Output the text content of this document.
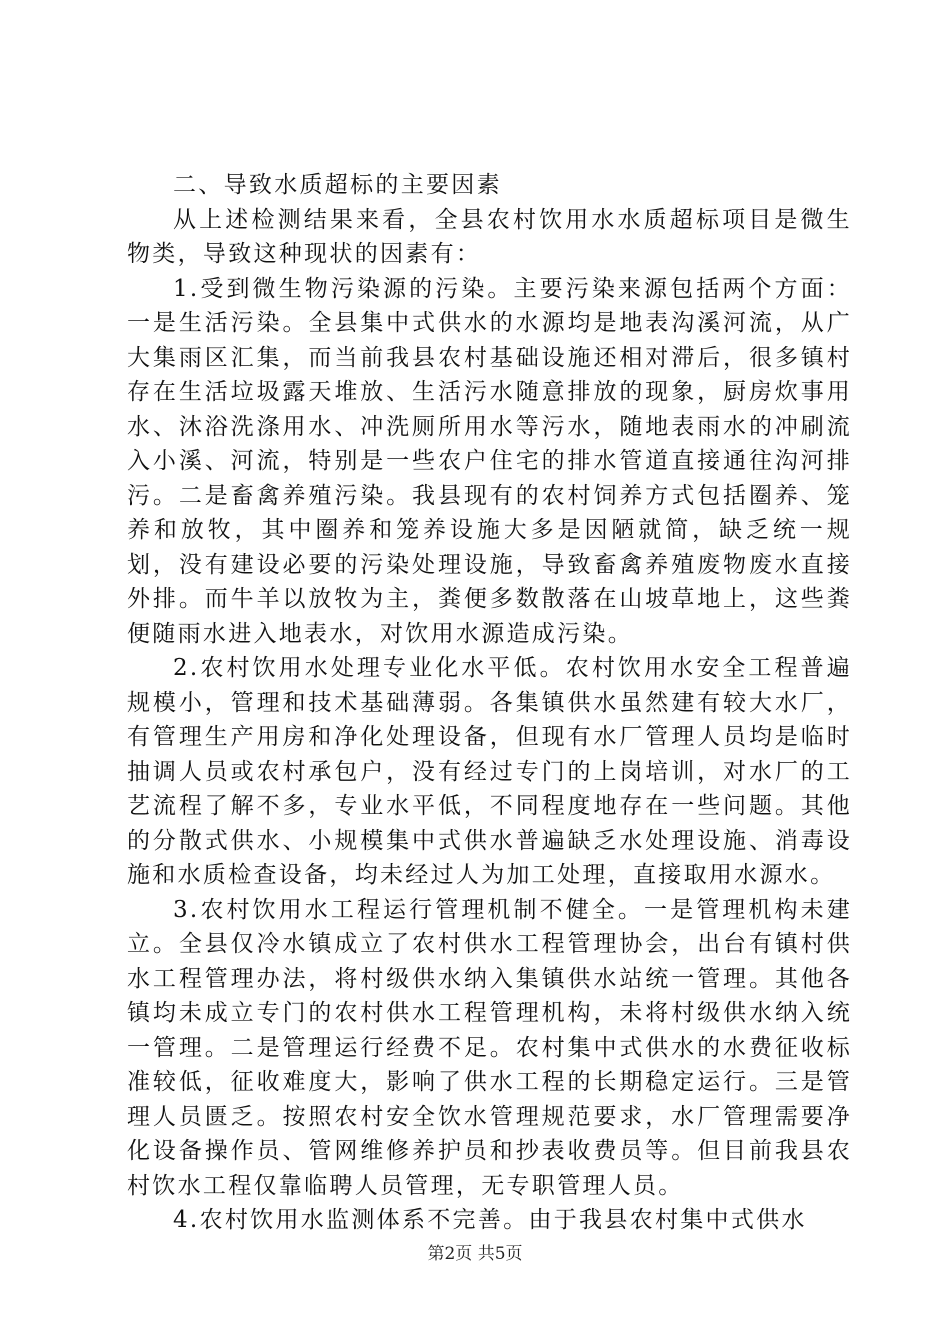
二、导致水质超标的主要因素

从上述检测结果来看，全县农村饮用水水质超标项目是微生物类，导致这种现状的因素有：

1.受到微生物污染源的污染。主要污染来源包括两个方面：一是生活污染。全县集中式供水的水源均是地表沟溪河流，从广大集雨区汇集，而当前我县农村基础设施还相对滞后，很多镇村存在生活垃圾露天堆放、生活污水随意排放的现象，厨房炊事用水、沐浴洗涤用水、冲洗厕所用水等污水，随地表雨水的冲刷流入小溪、河流，特别是一些农户住宅的排水管道直接通往沟河排污。二是畜禽养殖污染。我县现有的农村饲养方式包括圈养、笼养和放牧，其中圈养和笼养设施大多是因陋就简，缺乏统一规划，没有建设必要的污染处理设施，导致畜禽养殖废物废水直接外排。而牛羊以放牧为主，粪便多数散落在山坡草地上，这些粪便随雨水进入地表水，对饮用水源造成污染。

2.农村饮用水处理专业化水平低。农村饮用水安全工程普遍规模小，管理和技术基础薄弱。各集镇供水虽然建有较大水厂，有管理生产用房和净化处理设备，但现有水厂管理人员均是临时抽调人员或农村承包户，没有经过专门的上岗培训，对水厂的工艺流程了解不多，专业水平低，不同程度地存在一些问题。其他的分散式供水、小规模集中式供水普遍缺乏水处理设施、消毒设施和水质检查设备，均未经过人为加工处理，直接取用水源水。

3.农村饮用水工程运行管理机制不健全。一是管理机构未建立。全县仅冷水镇成立了农村供水工程管理协会，出台有镇村供水工程管理办法，将村级供水纳入集镇供水站统一管理。其他各镇均未成立专门的农村供水工程管理机构，未将村级供水纳入统一管理。二是管理运行经费不足。农村集中式供水的水费征收标准较低，征收难度大，影响了供水工程的长期稳定运行。三是管理人员匮乏。按照农村安全饮水管理规范要求，水厂管理需要净化设备操作员、管网维修养护员和抄表收费员等。但目前我县农村饮水工程仅靠临聘人员管理，无专职管理人员。

4.农村饮用水监测体系不完善。由于我县农村集中式供水

第2页 共5页
